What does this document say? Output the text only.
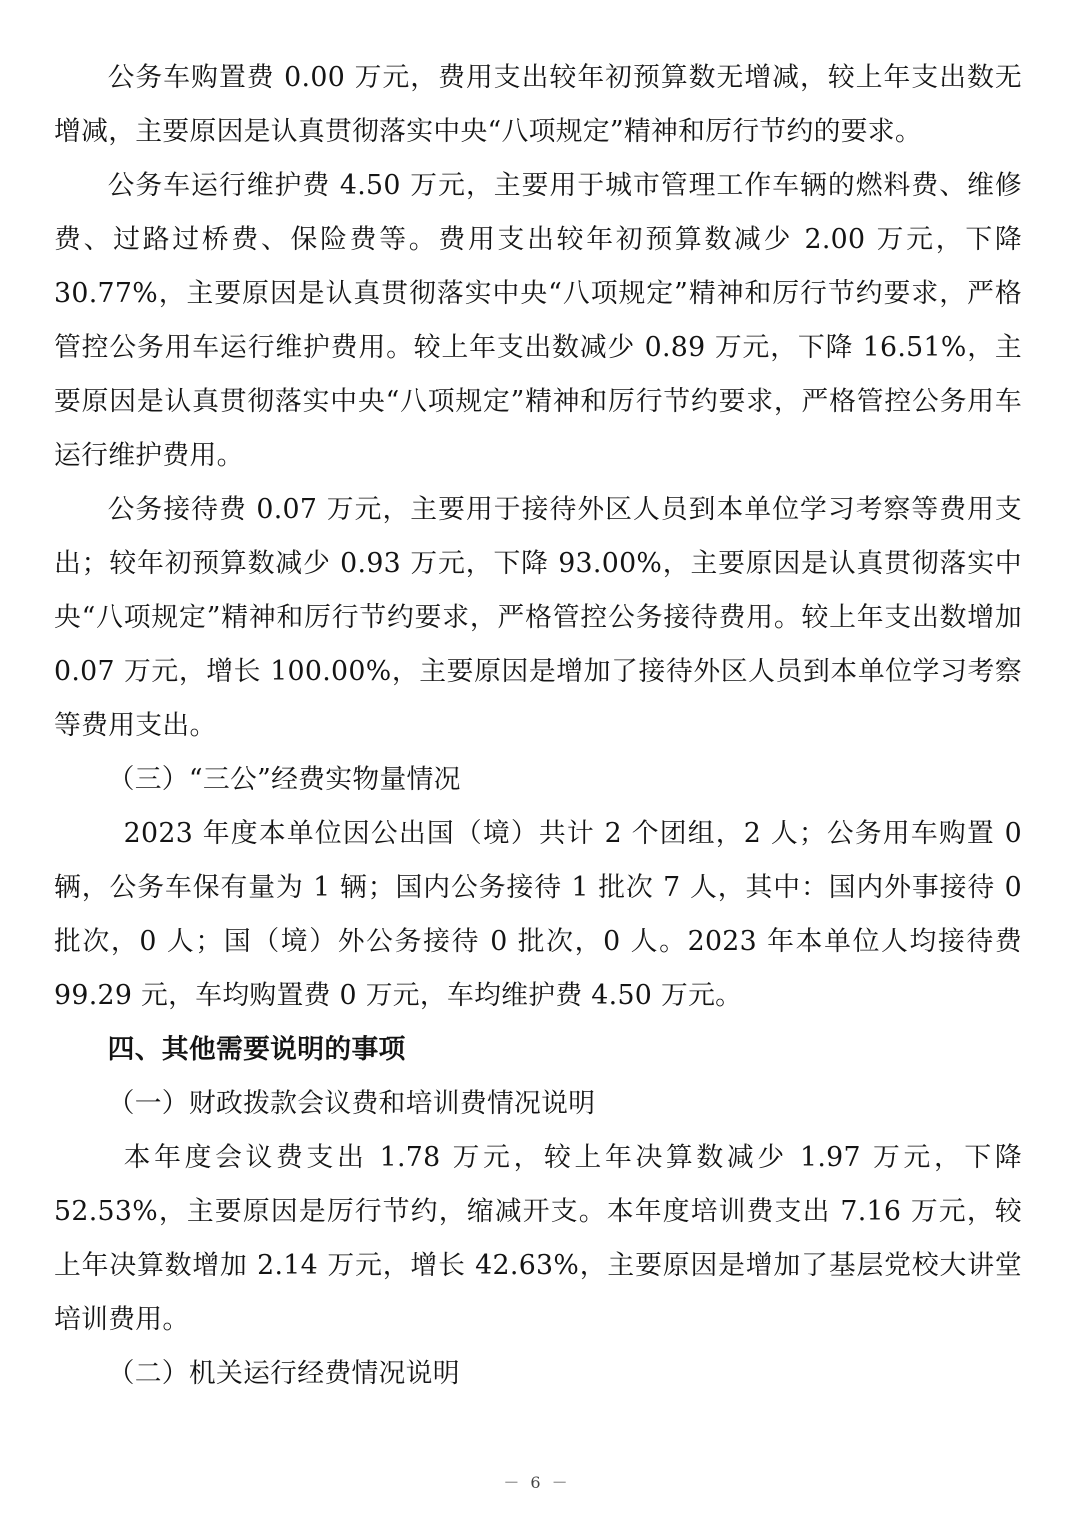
公务车购置费 0.00 万元，费用支出较年初预算数无增减，较上年支出数无增减，主要原因是认真贯彻落实中央“八项规定”精神和厉行节约的要求。

公务车运行维护费 4.50 万元，主要用于城市管理工作车辆的燃料费、维修费、过路过桥费、保险费等。费用支出较年初预算数减少 2.00 万元，下降 30.77%，主要原因是认真贯彻落实中央“八项规定”精神和厉行节约要求，严格管控公务用车运行维护费用。较上年支出数减少 0.89 万元，下降 16.51%，主要原因是认真贯彻落实中央“八项规定”精神和厉行节约要求，严格管控公务用车运行维护费用。

公务接待费 0.07 万元，主要用于接待外区人员到本单位学习考察等费用支出；较年初预算数减少 0.93 万元，下降 93.00%，主要原因是认真贯彻落实中央“八项规定”精神和厉行节约要求，严格管控公务接待费用。较上年支出数增加 0.07 万元，增长 100.00%，主要原因是增加了接待外区人员到本单位学习考察等费用支出。

（三）“三公”经费实物量情况

2023 年度本单位因公出国（境）共计 2 个团组，2 人；公务用车购置 0 辆，公务车保有量为 1 辆；国内公务接待 1 批次 7 人，其中：国内外事接待 0 批次，0 人；国（境）外公务接待 0 批次，0 人。2023 年本单位人均接待费 99.29 元，车均购置费 0 万元，车均维护费 4.50 万元。

四、其他需要说明的事项

（一）财政拨款会议费和培训费情况说明

本年度会议费支出 1.78 万元，较上年决算数减少 1.97 万元，下降 52.53%，主要原因是厉行节约，缩减开支。本年度培训费支出 7.16 万元，较上年决算数增加 2.14 万元，增长 42.63%，主要原因是增加了基层党校大讲堂培训费用。

（二）机关运行经费情况说明

－ 6 －
